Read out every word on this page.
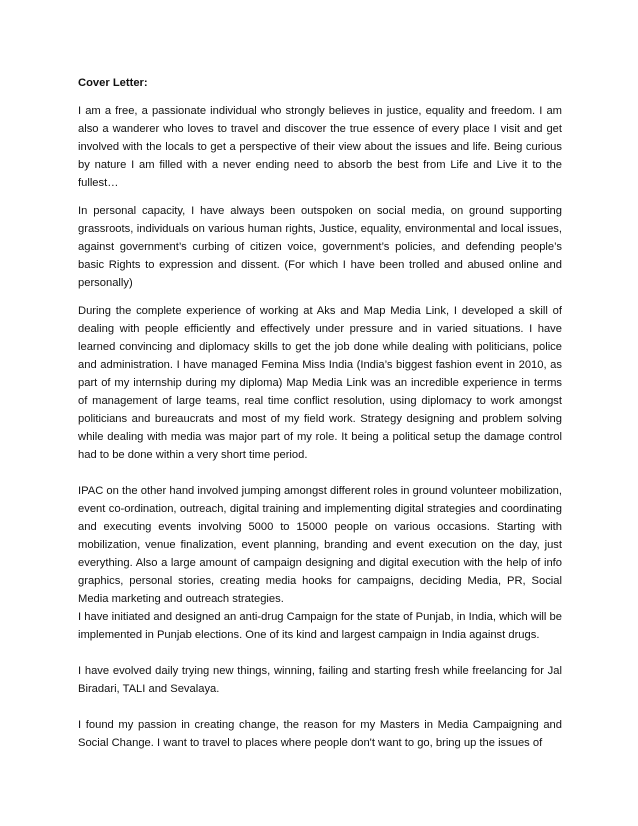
Cover Letter:

I am a free, a passionate individual who strongly believes in justice, equality and freedom. I am also a wanderer who loves to travel and discover the true essence of every place I visit and get involved with the locals to get a perspective of their view about the issues and life. Being curious by nature I am filled with a never ending need to absorb the best from Life and Live it to the fullest…

In personal capacity, I have always been outspoken on social media, on ground supporting grassroots, individuals on various human rights, Justice, equality, environmental and local issues, against government’s curbing of citizen voice, government’s policies, and defending people’s basic Rights to expression and dissent. (For which I have been trolled and abused online and personally)

During the complete experience of working at Aks and Map Media Link, I developed a skill of dealing with people efficiently and effectively under pressure and in varied situations. I have learned convincing and diplomacy skills to get the job done while dealing with politicians, police and administration. I have managed Femina Miss India (India’s biggest fashion event in 2010, as part of my internship during my diploma) Map Media Link was an incredible experience in terms of management of large teams, real time conflict resolution, using diplomacy to work amongst politicians and bureaucrats and most of my field work. Strategy designing and problem solving while dealing with media was major part of my role. It being a political setup the damage control had to be done within a very short time period.

IPAC on the other hand involved jumping amongst different roles in ground volunteer mobilization, event co-ordination, outreach, digital training and implementing digital strategies and coordinating and executing events involving 5000 to 15000 people on various occasions. Starting with mobilization, venue finalization, event planning, branding and event execution on the day, just everything. Also a large amount of campaign designing and digital execution with the help of info graphics, personal stories, creating media hooks for campaigns, deciding Media, PR, Social Media marketing and outreach strategies.

I have initiated and designed an anti-drug Campaign for the state of Punjab, in India, which will be implemented in Punjab elections. One of its kind and largest campaign in India against drugs.

I have evolved daily trying new things, winning, failing and starting fresh while freelancing for Jal Biradari, TALI and Sevalaya.

I found my passion in creating change, the reason for my Masters in Media Campaigning and Social Change. I want to travel to places where people don't want to go, bring up the issues of
